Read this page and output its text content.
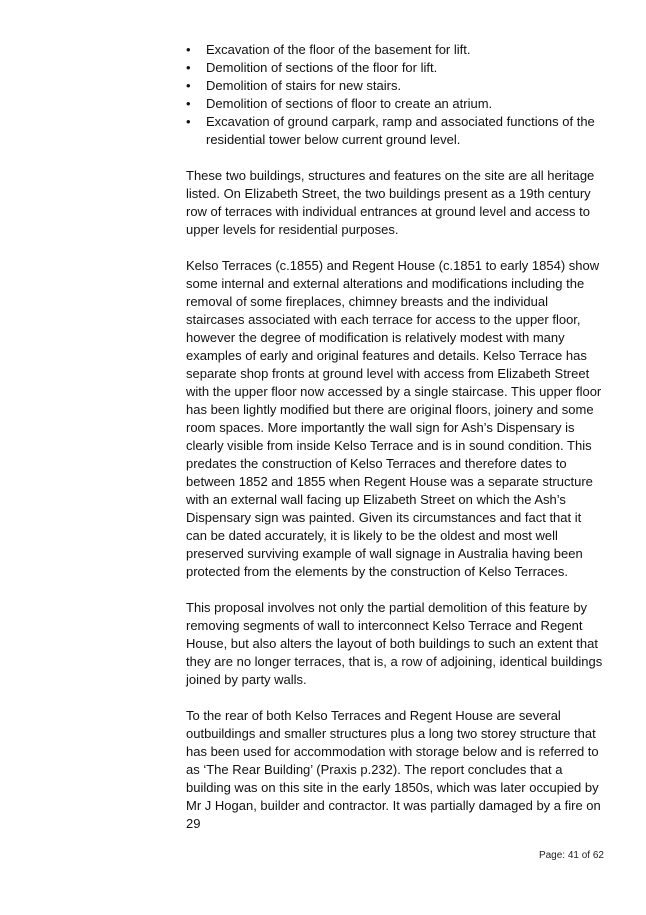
•	Excavation of the floor of the basement for lift.
•	Demolition of sections of the floor for lift.
•	Demolition of stairs for new stairs.
•	Demolition of sections of floor to create an atrium.
•	Excavation of ground carpark, ramp and associated functions of the residential tower below current ground level.

These two buildings, structures and features on the site are all heritage listed. On Elizabeth Street, the two buildings present as a 19th century row of terraces with individual entrances at ground level and access to upper levels for residential purposes.

Kelso Terraces (c.1855) and Regent House (c.1851 to early 1854) show some internal and external alterations and modifications including the removal of some fireplaces, chimney breasts and the individual staircases associated with each terrace for access to the upper floor, however the degree of modification is relatively modest with many examples of early and original features and details. Kelso Terrace has separate shop fronts at ground level with access from Elizabeth Street with the upper floor now accessed by a single staircase. This upper floor has been lightly modified but there are original floors, joinery and some room spaces. More importantly the wall sign for Ash’s Dispensary is clearly visible from inside Kelso Terrace and is in sound condition. This predates the construction of Kelso Terraces and therefore dates to between 1852 and 1855 when Regent House was a separate structure with an external wall facing up Elizabeth Street on which the Ash’s Dispensary sign was painted. Given its circumstances and fact that it can be dated accurately, it is likely to be the oldest and most well preserved surviving example of wall signage in Australia having been protected from the elements by the construction of Kelso Terraces.

This proposal involves not only the partial demolition of this feature by removing segments of wall to interconnect Kelso Terrace and Regent House, but also alters the layout of both buildings to such an extent that they are no longer terraces, that is, a row of adjoining, identical buildings joined by party walls.

To the rear of both Kelso Terraces and Regent House are several outbuildings and smaller structures plus a long two storey structure that has been used for accommodation with storage below and is referred to as ‘The Rear Building’ (Praxis p.232). The report concludes that a building was on this site in the early 1850s, which was later occupied by Mr J Hogan, builder and contractor. It was partially damaged by a fire on 29

Page: 41 of 62
